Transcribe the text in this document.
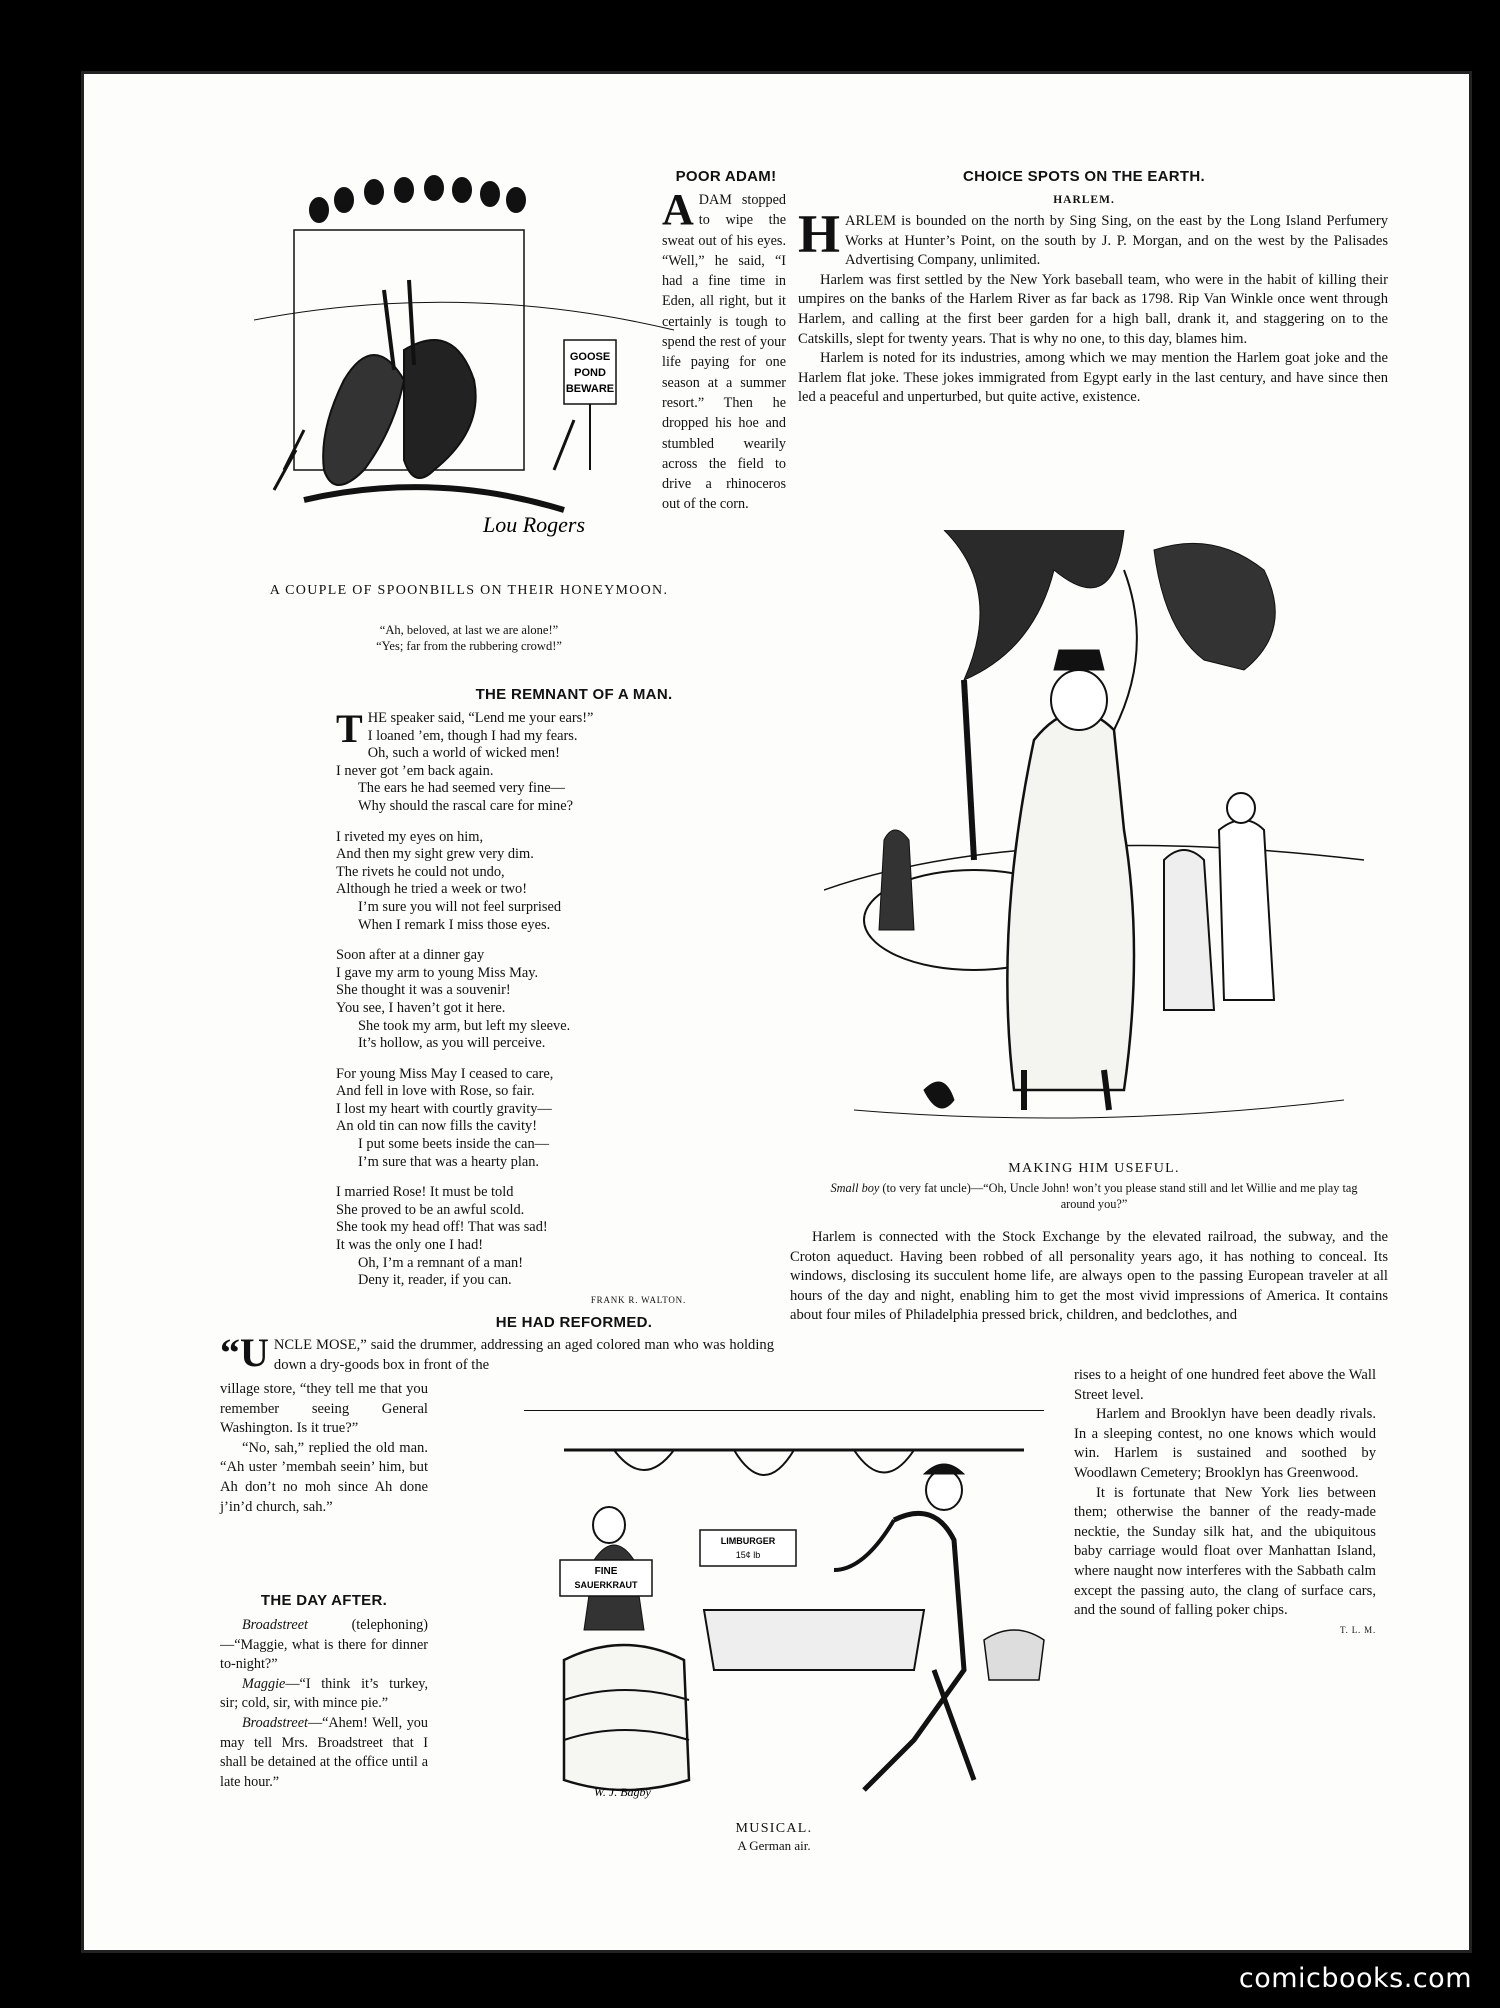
GOOSE
POND
BEWARE
Lou Rogers
A COUPLE OF SPOONBILLS ON THEIR HONEYMOON.
“Ah, beloved, at last we are alone!”
“Yes; far from the rubbering crowd!”
POOR ADAM!
ADAM stopped to wipe the sweat out of his eyes. “Well,” he said, “I had a fine time in Eden, all right, but it certainly is tough to spend the rest of your life paying for one season at a summer resort.” Then he dropped his hoe and stumbled wearily across the field to drive a rhinoceros out of the corn.
CHOICE SPOTS ON THE EARTH.
HARLEM.

HARLEM is bounded on the north by Sing Sing, on the east by the Long Island Perfumery Works at Hunter’s Point, on the south by J. P. Morgan, and on the west by the Palisades Advertising Company, unlimited.

Harlem was first settled by the New York baseball team, who were in the habit of killing their umpires on the banks of the Harlem River as far back as 1798. Rip Van Winkle once went through Harlem, and calling at the first beer garden for a high ball, drank it, and staggering on to the Catskills, slept for twenty years. That is why no one, to this day, blames him.

Harlem is noted for its industries, among which we may mention the Harlem goat joke and the Harlem flat joke. These jokes immigrated from Egypt early in the last century, and have since then led a peaceful and unperturbed, but quite active, existence.

MAKING HIM USEFUL.
Small boy (to very fat uncle)—“Oh, Uncle John! won’t you please stand still and let Willie and me play tag around you?”

Harlem is connected with the Stock Exchange by the elevated railroad, the subway, and the Croton aqueduct. Having been robbed of all personality years ago, it has nothing to conceal. Its windows, disclosing its succulent home life, are always open to the passing European traveler at all hours of the day and night, enabling him to get the most vivid impressions of America. It contains about four miles of Philadelphia pressed brick, children, and bedclothes, and

rises to a height of one hundred feet above the Wall Street level.

Harlem and Brooklyn have been deadly rivals. In a sleeping contest, no one knows which would win. Harlem is sustained and soothed by Woodlawn Cemetery; Brooklyn has Greenwood.

It is fortunate that New York lies between them; otherwise the banner of the ready-made necktie, the Sunday silk hat, and the ubiquitous baby carriage would float over Manhattan Island, where naught now interferes with the Sabbath calm except the passing auto, the clang of surface cars, and the sound of falling poker chips.

T. L. M.
THE REMNANT OF A MAN.
T HE speaker said, “Lend me your ears!”
I loaned ’em, though I had my fears.
Oh, such a world of wicked men!
I never got ’em back again.
The ears he had seemed very fine—
Why should the rascal care for mine?
I riveted my eyes on him,
And then my sight grew very dim.
The rivets he could not undo,
Although he tried a week or two!
I’m sure you will not feel surprised
When I remark I miss those eyes.
Soon after at a dinner gay
I gave my arm to young Miss May.
She thought it was a souvenir!
You see, I haven’t got it here.
She took my arm, but left my sleeve.
It’s hollow, as you will perceive.
For young Miss May I ceased to care,
And fell in love with Rose, so fair.
I lost my heart with courtly gravity—
An old tin can now fills the cavity!
I put some beets inside the can—
I’m sure that was a hearty plan.
I married Rose! It must be told
She proved to be an awful scold.
She took my head off! That was sad!
It was the only one I had!
Oh, I’m a remnant of a man!
Deny it, reader, if you can.
FRANK R. WALTON.
HE HAD REFORMED.
“U NCLE MOSE,” said the drummer, addressing an aged colored man who was holding down a dry-goods box in front of the

village store, “they tell me that you remember seeing General Washington. Is it true?”

“No, sah,” replied the old man. “Ah uster ’membah seein’ him, but Ah don’t no moh since Ah done j’in’d church, sah.”

THE DAY AFTER.

Broadstreet	(telephoning)—“Maggie, what is there for dinner to-night?”

Maggie—“I think it’s turkey, sir; cold, sir, with mince pie.”

Broadstreet—“Ahem! Well, you may tell Mrs. Broadstreet that I shall be detained at the office until a late hour.”

FINE
SAUERKRAUT
LIMBURGER
15¢ lb
W. J. Bagby
MUSICAL.
A German air.
comicbooks.com
